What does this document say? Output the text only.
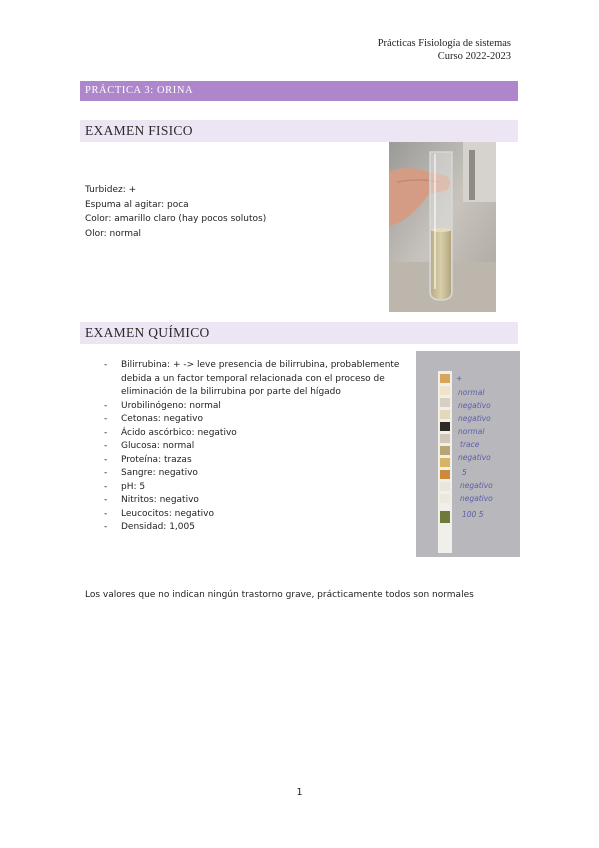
Prácticas Fisiología de sistemas
Curso 2022-2023
PRÁCTICA 3: ORINA
EXAMEN FISICO
Turbidez: +
Espuma al agitar: poca
Color: amarillo claro (hay pocos solutos)
Olor: normal
EXAMEN QUÍMICO
- Bilirrubina: + -> leve presencia de bilirrubina, probablemente debida a un factor temporal relacionada con el proceso de eliminación de la bilirrubina por parte del hígado
- Urobilinógeno: normal
- Cetonas: negativo
- Ácido ascórbico: negativo
- Glucosa: normal
- Proteína: trazas
- Sangre: negativo
- pH: 5
- Nitritos: negativo
- Leucocitos: negativo
- Densidad: 1,005
+
normal
negativo
negativo
normal
trace
negativo
5
negativo
negativo
100 5
Los valores que no indican ningún trastorno grave, prácticamente todos son normales
1
